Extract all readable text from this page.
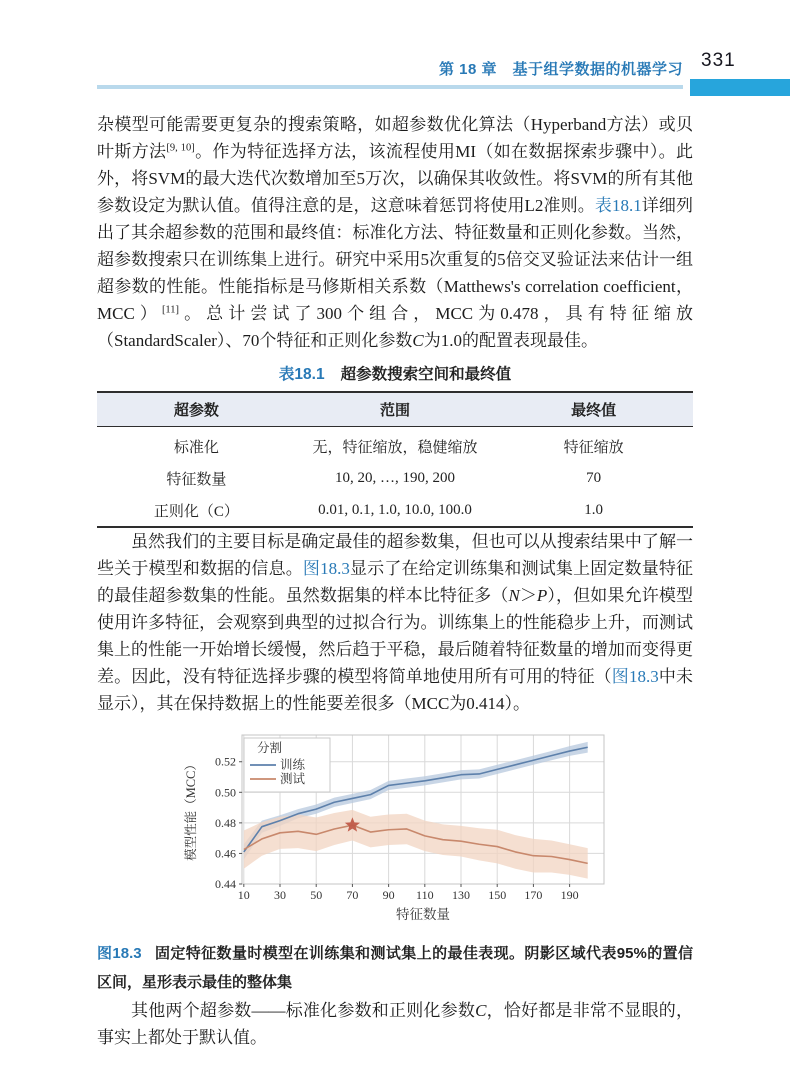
第 18 章　基于组学数据的机器学习 331

杂模型可能需要更复杂的搜索策略，如超参数优化算法（Hyperband方法）或贝叶斯方法[9, 10]。作为特征选择方法，该流程使用MI（如在数据探索步骤中）。此外，将SVM的最大迭代次数增加至5万次，以确保其收敛性。将SVM的所有其他参数设定为默认值。值得注意的是，这意味着惩罚将使用L2准则。表18.1详细列出了其余超参数的范围和最终值：标准化方法、特征数量和正则化参数。当然，超参数搜索只在训练集上进行。研究中采用5次重复的5倍交叉验证法来估计一组超参数的性能。性能指标是马修斯相关系数（Matthews's correlation coefficient，MCC）[11]。总计尝试了300个组合，MCC为0.478，具有特征缩放（StandardScaler）、70个特征和正则化参数C为1.0的配置表现最佳。

表18.1 超参数搜索空间和最终值
超参数	范围	最终值
标准化	无，特征缩放，稳健缩放	特征缩放
特征数量	10, 20, …, 190, 200	70
正则化（C）	0.01, 0.1, 1.0, 10.0, 100.0	1.0

虽然我们的主要目标是确定最佳的超参数集，但也可以从搜索结果中了解一些关于模型和数据的信息。图18.3显示了在给定训练集和测试集上固定数量特征的最佳超参数集的性能。虽然数据集的样本比特征多（N＞P），但如果允许模型使用许多特征，会观察到典型的过拟合行为。训练集上的性能稳步上升，而测试集上的性能一开始增长缓慢，然后趋于平稳，最后随着特征数量的增加而变得更差。因此，没有特征选择步骤的模型将简单地使用所有可用的特征（图18.3中未显示），其在保持数据上的性能要差很多（MCC为0.414）。

0.44
0.46
0.48
0.50
0.52
10 30 50 70 90 110 130 150 170 190
特征数量
模型性能（MCC）
分割
训练
测试
图18.3 固定特征数量时模型在训练集和测试集上的最佳表现。阴影区域代表95%的置信区间，星形表示最佳的整体集

其他两个超参数——标准化参数和正则化参数C，恰好都是非常不显眼的，事实上都处于默认值。
